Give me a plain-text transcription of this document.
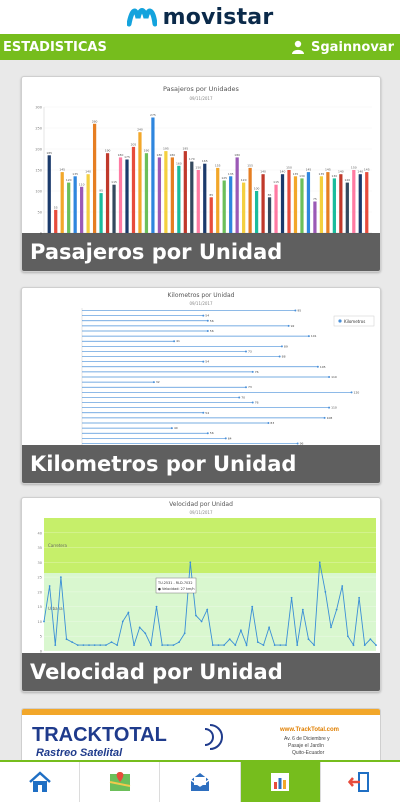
movistar
ESTADISTICAS	Sgainnovar
Pasajeros por Unidades
09/11/2017
50
100
150
200
250
300
185
55
145
120
135
110
140
260
95
190
115
180
175
205
240
190
275
180
195
180
160
195
170
150
165
85
155
125
135
180
120
155
100
140
85
115
140
150
135
130
145
75
135
145
130
140
120
150
140
145
Pasajeros por Unidad
Kilometros por Unidad
09/11/2017
Kilometros
95
54
56
92
56
101
41
89
73
88
54
105
76
110
32
73
120
70
76
110
54
108
83
40
56
64
96
Kilometros por Unidad
Velocidad por Unidad
09/11/2017
Carretera
Urbana
0
5
10
15
20
25
30
35
40
TU-2531 - RLD-7032
● Velocidad: 27 km/h
Velocidad por Unidad
TRACKTOTAL
Rastreo Satelital
www.TrackTotal.com
Av. 6 de Diciembre y
Pasaje el Jardín
Quito-Ecuador
